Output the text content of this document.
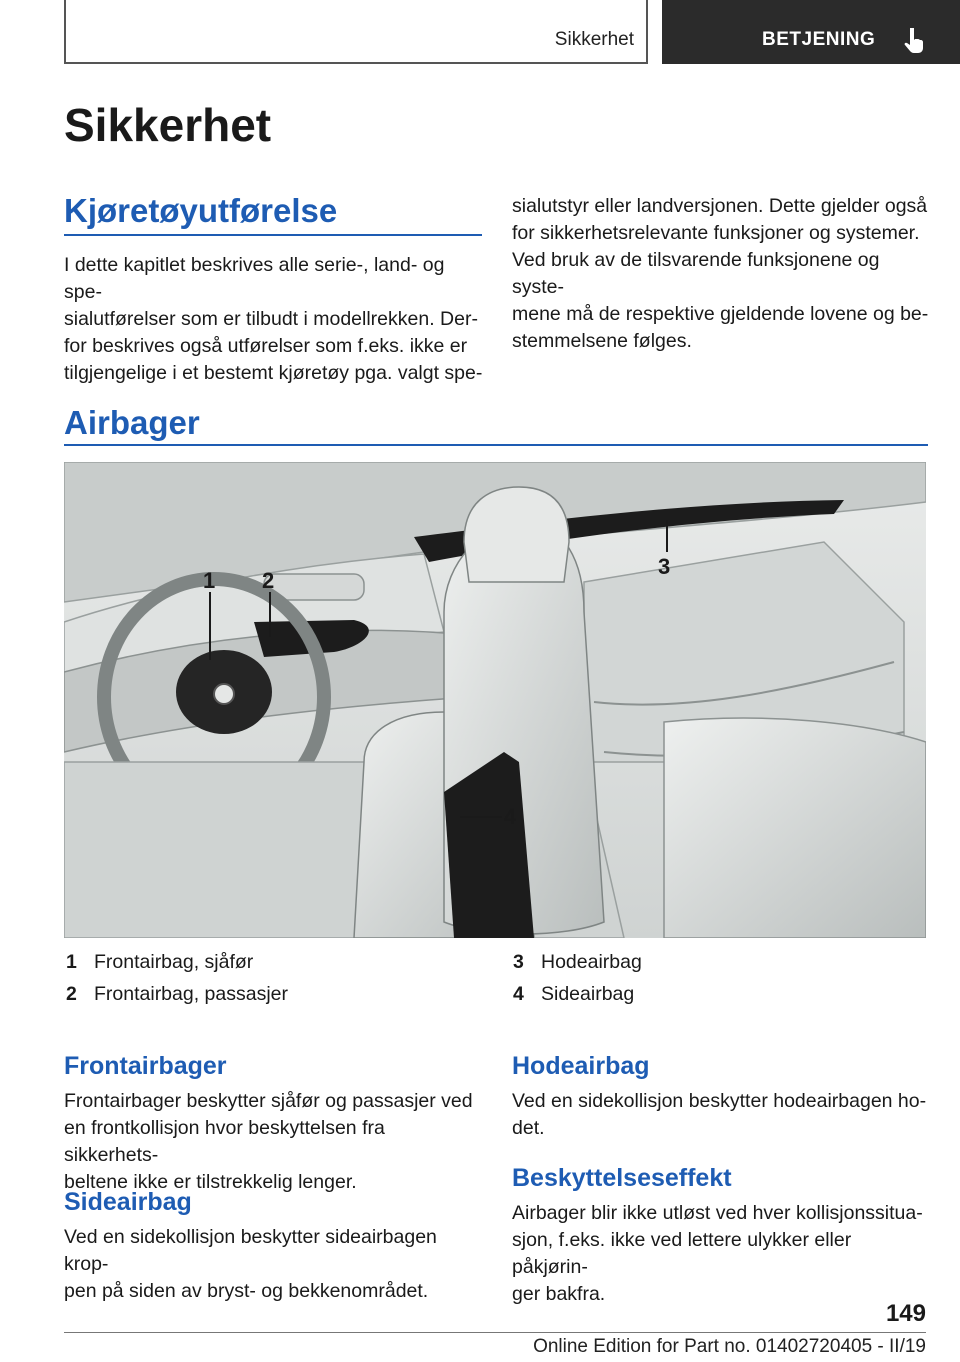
Sikkerhet	BETJENING
Sikkerhet
Kjøretøyutførelse
I dette kapitlet beskrives alle serie-, land- og spe-
sialutførelser som er tilbudt i modellrekken. Der-
for beskrives også utførelser som f.eks. ikke er
tilgjengelige i et bestemt kjøretøy pga. valgt spe-
sialutstyr eller landversjonen. Dette gjelder også
for sikkerhetsrelevante funksjoner og systemer.
Ved bruk av de tilsvarende funksjonene og syste-
mene må de respektive gjeldende lovene og be-
stemmelsene følges.
Airbager
1 2
3
4
1 Frontairbag, sjåfør
2 Frontairbag, passasjer
3 Hodeairbag
4 Sideairbag
Frontairbager
Frontairbager beskytter sjåfør og passasjer ved
en frontkollisjon hvor beskyttelsen fra sikkerhets-
beltene ikke er tilstrekkelig lenger.
Sideairbag
Ved en sidekollisjon beskytter sideairbagen krop-
pen på siden av bryst- og bekkenområdet.
Hodeairbag
Ved en sidekollisjon beskytter hodeairbagen ho-
det.
Beskyttelseseffekt
Airbager blir ikke utløst ved hver kollisjonssitua-
sjon, f.eks. ikke ved lettere ulykker eller påkjørin-
ger bakfra.
149
Online Edition for Part no. 01402720405 - II/19
